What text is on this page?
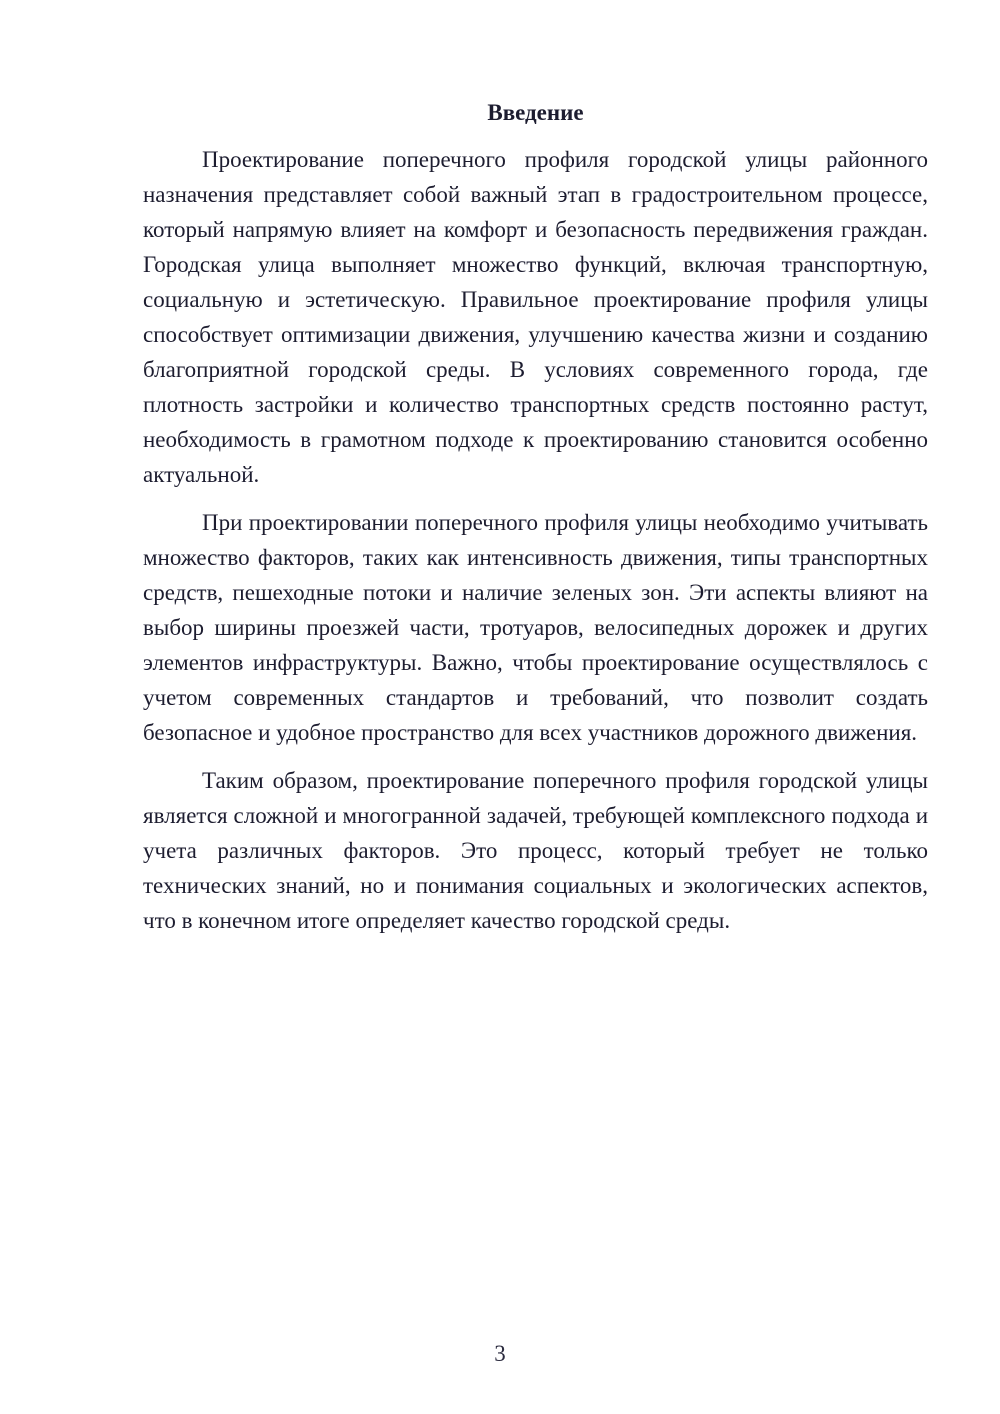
Введение

Проектирование поперечного профиля городской улицы районного назначения представляет собой важный этап в градостроительном процессе, который напрямую влияет на комфорт и безопасность передвижения граждан. Городская улица выполняет множество функций, включая транспортную, социальную и эстетическую. Правильное проектирование профиля улицы способствует оптимизации движения, улучшению качества жизни и созданию благоприятной городской среды. В условиях современного города, где плотность застройки и количество транспортных средств постоянно растут, необходимость в грамотном подходе к проектированию становится особенно актуальной.

При проектировании поперечного профиля улицы необходимо учитывать множество факторов, таких как интенсивность движения, типы транспортных средств, пешеходные потоки и наличие зеленых зон. Эти аспекты влияют на выбор ширины проезжей части, тротуаров, велосипедных дорожек и других элементов инфраструктуры. Важно, чтобы проектирование осуществлялось с учетом современных стандартов и требований, что позволит создать безопасное и удобное пространство для всех участников дорожного движения.

Таким образом, проектирование поперечного профиля городской улицы является сложной и многогранной задачей, требующей комплексного подхода и учета различных факторов. Это процесс, который требует не только технических знаний, но и понимания социальных и экологических аспектов, что в конечном итоге определяет качество городской среды.

3
